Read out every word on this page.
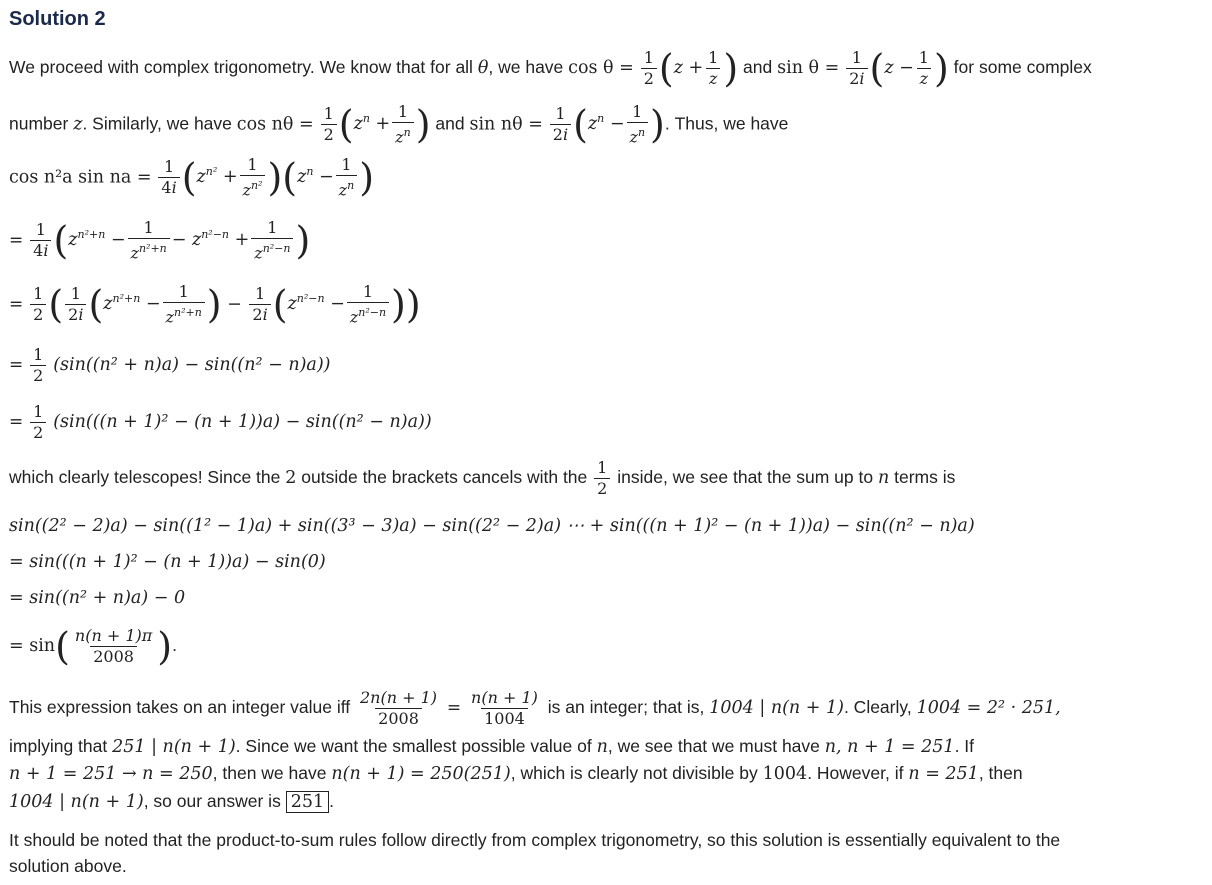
Solution 2
We proceed with complex trigonometry. We know that for all θ, we have $\cos \theta = \frac{1}{2} (z + \frac{1}{z}$ ) and $\sin \theta = \frac{1}{2i} (z - \frac{1}{z}$ ) for some complex
number z. Similarly, we have $\cos n\theta = \frac{1}{2} (z^n + \frac{1}{z^n}$ ) and $\sin n\theta = \frac{1}{2i} (z^n - \frac{1}{z^n}$ ). Thus, we have
cos n²a sin na = $\frac{1}{4i} (z^{n^2} + \frac{1}{z^{n^2}} )(z^n - \frac{1}{z^n}$ )
= $\frac{1}{4i} (z^{n^2+n} - \frac{1}{z^{n^2+n}} - z^{n^2-n} + \frac{1}{z^{n^2-n}}$ )
= $\frac{1}{2}$ ( $\frac{1}{2i} (z^{n^2+n} - \frac{1}{z^{n^2+n}}$ ) − $\frac{1}{2i} (z^{n^2-n} - \frac{1}{z^{n^2-n}}$ ))
= $\frac{1}{2} (\sin((n^2 + n)a) - \sin((n^2 - n)a))$
= $\frac{1}{2} (\sin(((n + 1)^2 - (n + 1))a) - \sin((n^2 - n)a))$
which clearly telescopes! Since the 2 outside the brackets cancels with the $\frac{1}{2}$ inside, we see that the sum up to n terms is
sin((2² − 2)a) − sin((1² − 1)a) + sin((3³ − 3)a) − sin((2² − 2)a) ⋯ + sin(((n + 1)² − (n + 1))a) − sin((n² − n)a)
= sin(((n + 1)² − (n + 1))a) − sin(0)
= sin((n² + n)a) − 0
= $\sin( \frac{n(n + 1)\pi}{2008}$ ).
This expression takes on an integer value iff $\frac{2n(n + 1)}{2008} = \frac{n(n + 1)}{1004}$ is an integer; that is, 1004 | n(n + 1). Clearly, 1004 = 2² · 251,
implying that 251 | n(n + 1). Since we want the smallest possible value of n, we see that we must have n, n + 1 = 251. If
n + 1 = 251 → n = 250, then we have n(n + 1) = 250(251), which is clearly not divisible by 1004. However, if n = 251, then
1004 | n(n + 1), so our answer is 251 .
It should be noted that the product-to-sum rules follow directly from complex trigonometry, so this solution is essentially equivalent to the
solution above.
